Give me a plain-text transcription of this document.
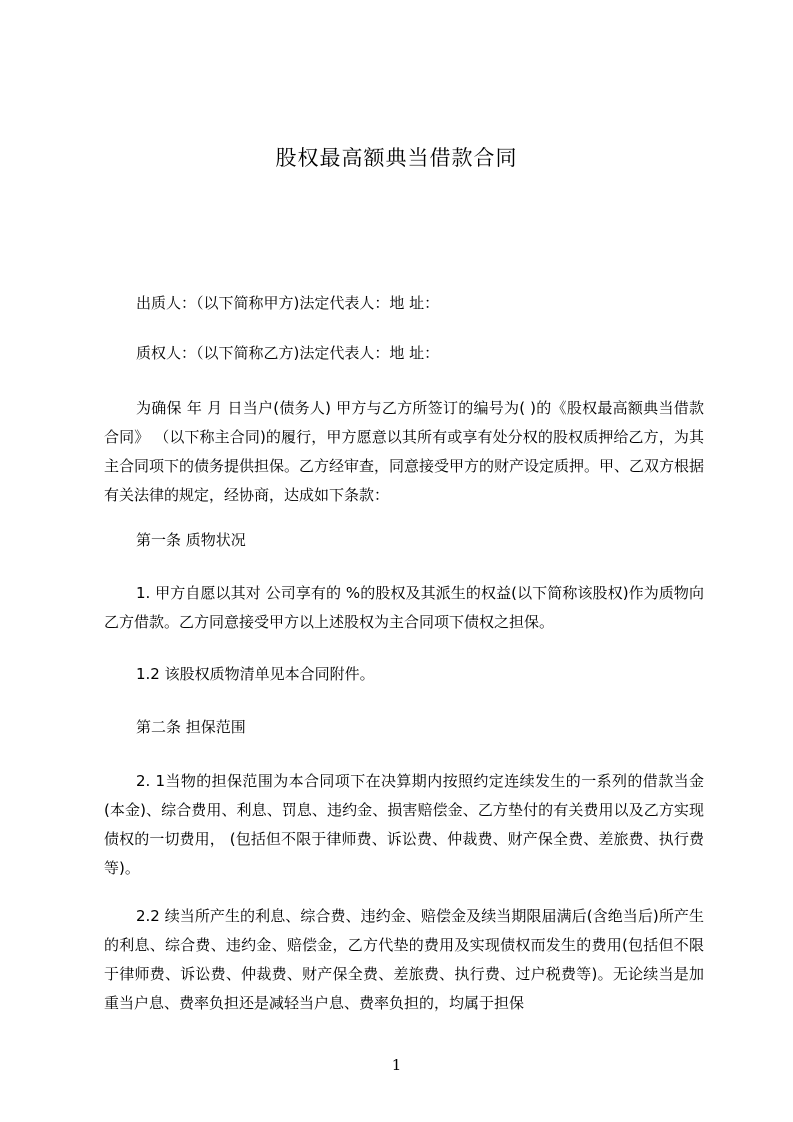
股权最高额典当借款合同

出质人：（以下简称甲方)法定代表人：地 址：

质权人：（以下简称乙方)法定代表人：地 址：

为确保 年 月 日当户(债务人) 甲方与乙方所签订的编号为( )的《股权最高额典当借款合同》 （以下称主合同)的履行，甲方愿意以其所有或享有处分权的股权质押给乙方，为其主合同项下的债务提供担保。乙方经审查，同意接受甲方的财产设定质押。甲、乙双方根据有关法律的规定，经协商，达成如下条款：

第一条 质物状况

1. 甲方自愿以其对 公司享有的 %的股权及其派生的权益(以下简称该股权)作为质物向乙方借款。乙方同意接受甲方以上述股权为主合同项下债权之担保。

1.2 该股权质物清单见本合同附件。

第二条 担保范围

2. 1当物的担保范围为本合同项下在决算期内按照约定连续发生的一系列的借款当金(本金)、综合费用、利息、罚息、违约金、损害赔偿金、乙方垫付的有关费用以及乙方实现债权的一切费用， (包括但不限于律师费、诉讼费、仲裁费、财产保全费、差旅费、执行费等)。

2.2 续当所产生的利息、综合费、违约金、赔偿金及续当期限届满后(含绝当后)所产生的利息、综合费、违约金、赔偿金，乙方代垫的费用及实现债权而发生的费用(包括但不限于律师费、诉讼费、仲裁费、财产保全费、差旅费、执行费、过户税费等)。无论续当是加重当户息、费率负担还是减轻当户息、费率负担的，均属于担保

1
